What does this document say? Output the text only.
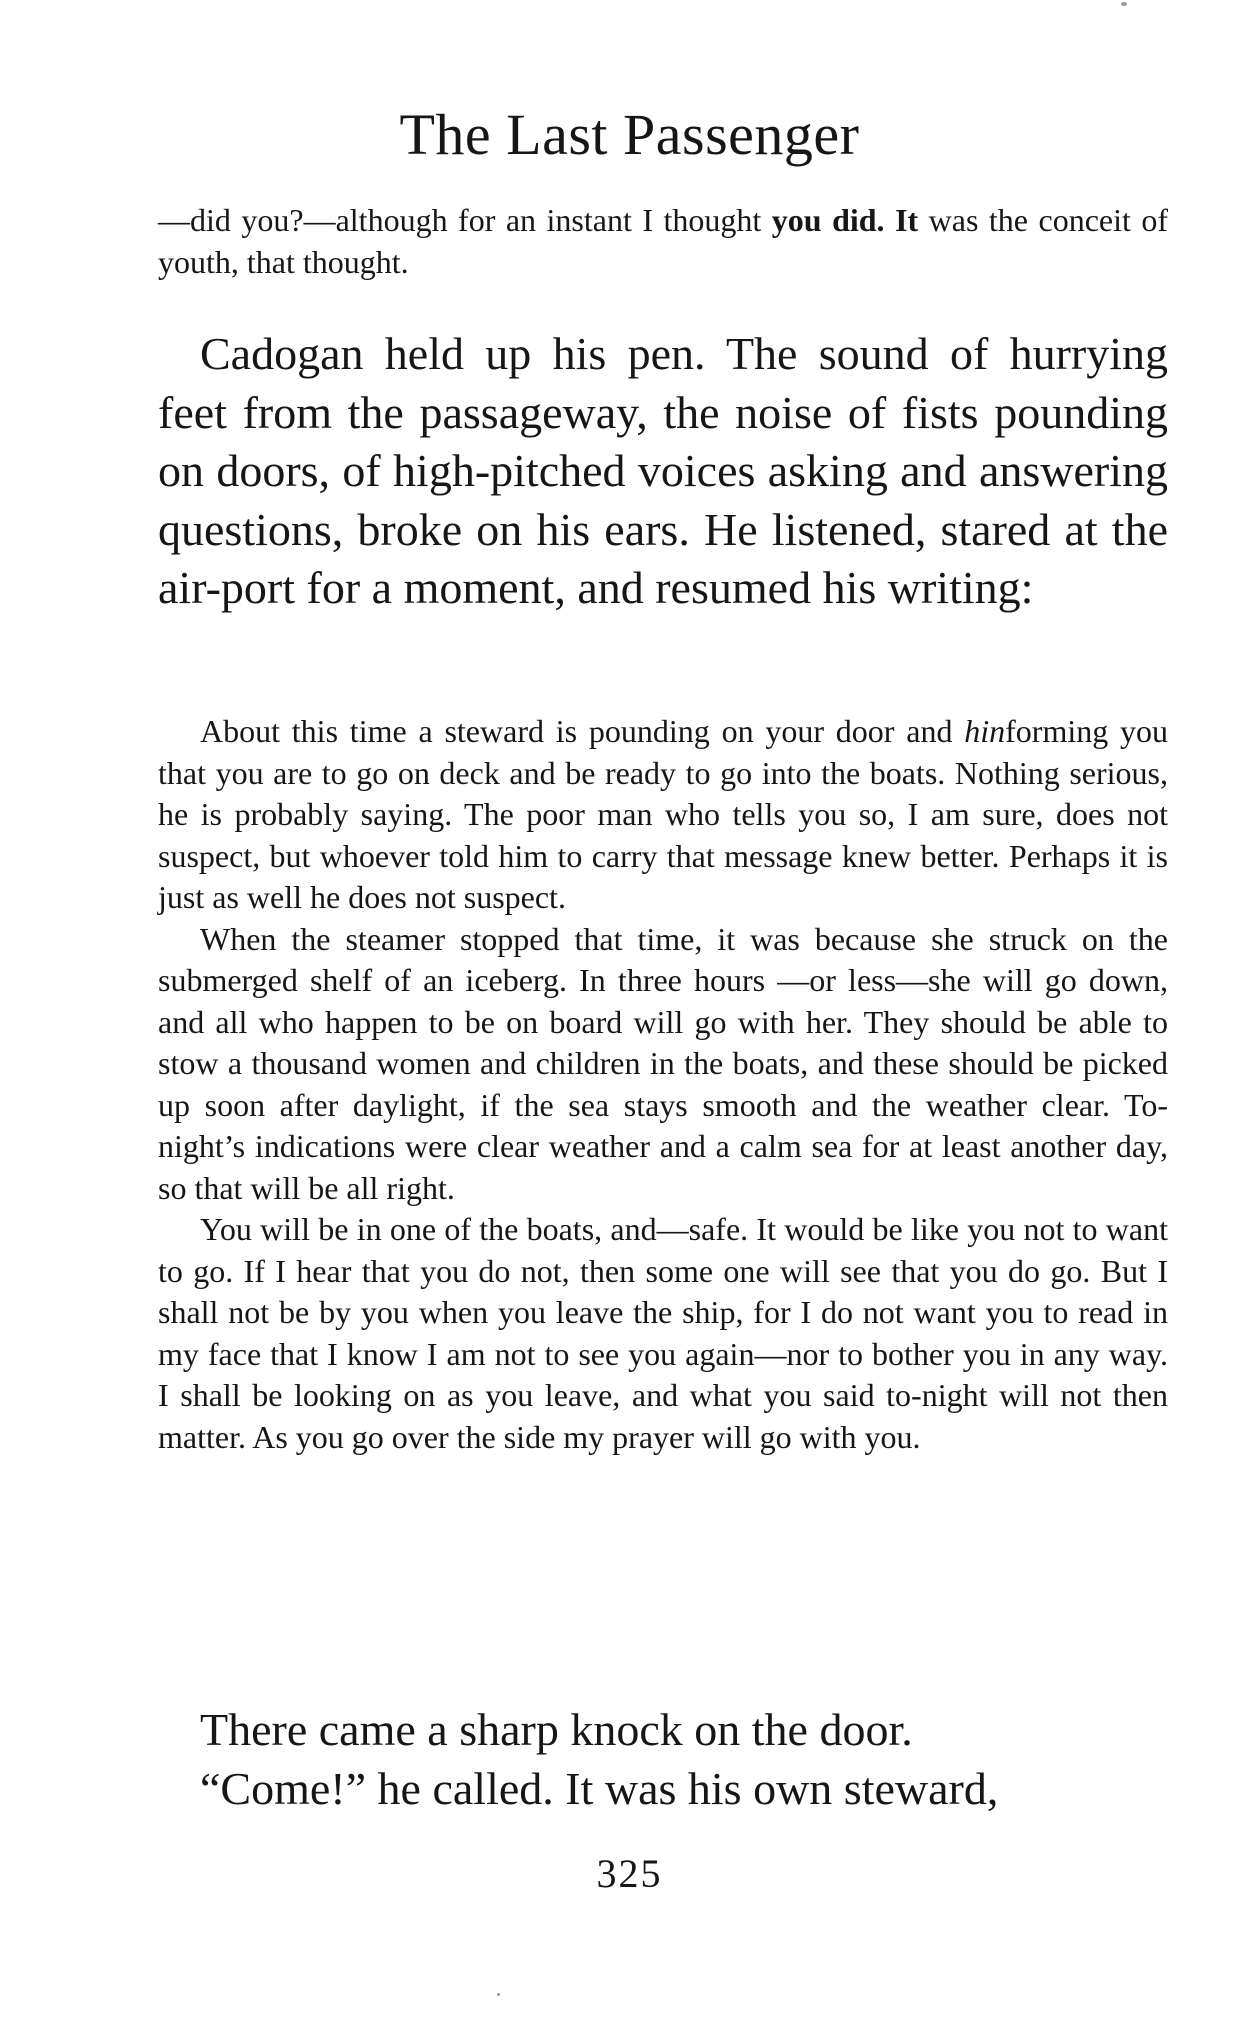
The Last Passenger

—did you?—although for an instant I thought you did. It was the conceit of youth, that thought.

Cadogan held up his pen. The sound of hurrying feet from the passageway, the noise of fists pounding on doors, of high-pitched voices asking and answering questions, broke on his ears. He listened, stared at the air-port for a moment, and resumed his writing:

About this time a steward is pounding on your door and hinforming you that you are to go on deck and be ready to go into the boats. Nothing serious, he is probably saying. The poor man who tells you so, I am sure, does not suspect, but whoever told him to carry that message knew better. Perhaps it is just as well he does not suspect.

When the steamer stopped that time, it was because she struck on the submerged shelf of an iceberg. In three hours —or less—she will go down, and all who happen to be on board will go with her. They should be able to stow a thousand women and children in the boats, and these should be picked up soon after daylight, if the sea stays smooth and the weather clear. To-night’s indications were clear weather and a calm sea for at least another day, so that will be all right.

You will be in one of the boats, and—safe. It would be like you not to want to go. If I hear that you do not, then some one will see that you do go. But I shall not be by you when you leave the ship, for I do not want you to read in my face that I know I am not to see you again—nor to bother you in any way. I shall be looking on as you leave, and what you said to-night will not then matter. As you go over the side my prayer will go with you.

There came a sharp knock on the door.

“Come!” he called. It was his own steward,

325
